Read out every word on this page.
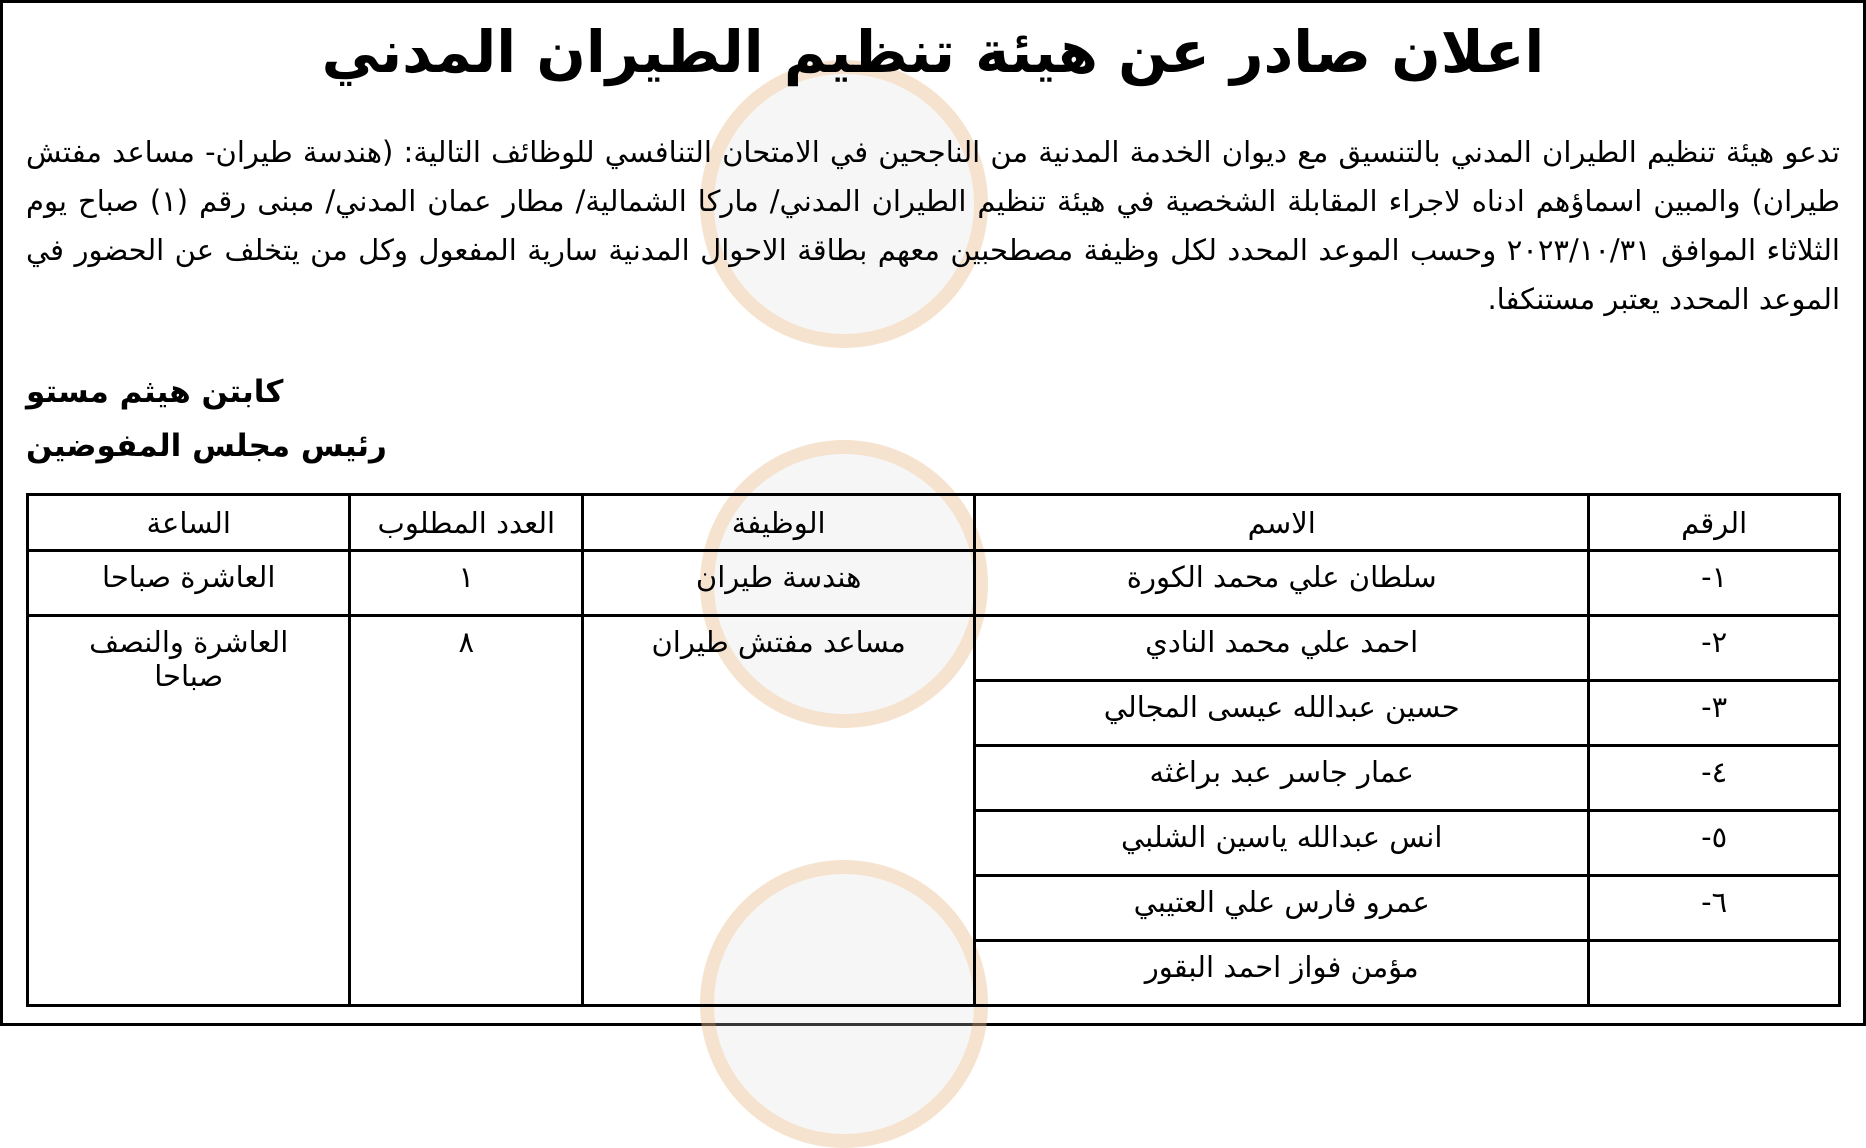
اعلان صادر عن هيئة تنظيم الطيران المدني
تدعو هيئة تنظيم الطيران المدني بالتنسيق مع ديوان الخدمة المدنية من الناجحين في الامتحان التنافسي للوظائف التالية: (هندسة طيران- مساعد مفتش طيران) والمبين اسماؤهم ادناه لاجراء المقابلة الشخصية في هيئة تنظيم الطيران المدني/ ماركا الشمالية/ مطار عمان المدني/ مبنى رقم (١) صباح يوم الثلاثاء الموافق ٢٠٢٣/١٠/٣١ وحسب الموعد المحدد لكل وظيفة مصطحبين معهم بطاقة الاحوال المدنية سارية المفعول وكل من يتخلف عن الحضور في الموعد المحدد يعتبر مستنكفا.
كابتن هيثم مستو
رئيس مجلس المفوضين
الرقم	الاسم	الوظيفة	العدد المطلوب	الساعة
١-	سلطان علي محمد الكورة	هندسة طيران	١	العاشرة صباحا
٢-	احمد علي محمد النادي	مساعد مفتش طيران	٨	العاشرة والنصف صباحا
٣-	حسين عبدالله عيسى المجالي			
٤-	عمار جاسر عبد براغثه			
٥-	انس عبدالله ياسين الشلبي			
٦-	عمرو فارس علي العتيبي			
	مؤمن فواز احمد البقور			
